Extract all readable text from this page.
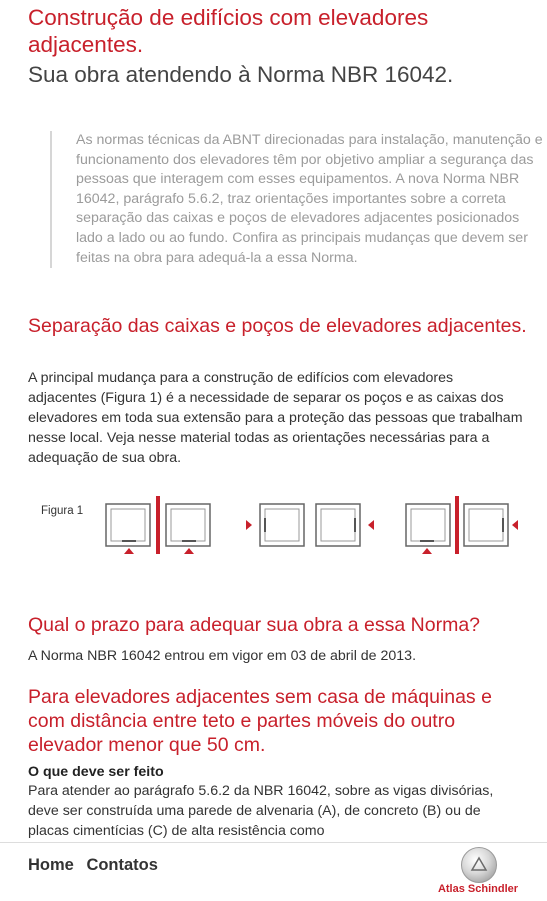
Construção de edifícios com elevadores adjacentes.
Sua obra atendendo à Norma NBR 16042.

As normas técnicas da ABNT direcionadas para instalação, manutenção e funcionamento dos elevadores têm por objetivo ampliar a segurança das pessoas que interagem com esses equipamentos. A nova Norma NBR 16042, parágrafo 5.6.2, traz orientações importantes sobre a correta separação das caixas e poços de elevadores adjacentes posicionados lado a lado ou ao fundo. Confira as principais mudanças que devem ser feitas na obra para adequá-la a essa Norma.

Separação das caixas e poços de elevadores adjacentes.

A principal mudança para a construção de edifícios com elevadores adjacentes (Figura 1) é a necessidade de separar os poços e as caixas dos elevadores em toda sua extensão para a proteção das pessoas que trabalham nesse local. Veja nesse material todas as orientações necessárias para a adequação de sua obra.

Figura 1
Qual o prazo para adequar sua obra a essa Norma?

A Norma NBR 16042 entrou em vigor em 03 de abril de 2013.

Para elevadores adjacentes sem casa de máquinas e com distância entre teto e partes móveis do outro elevador menor que 50 cm.

O que deve ser feito

Para atender ao parágrafo 5.6.2 da NBR 16042, sobre as vigas divisórias, deve ser construída uma parede de alvenaria (A), de concreto (B) ou de placas cimentícias (C) de alta resistência como

Home Contatos
Atlas Schindler
